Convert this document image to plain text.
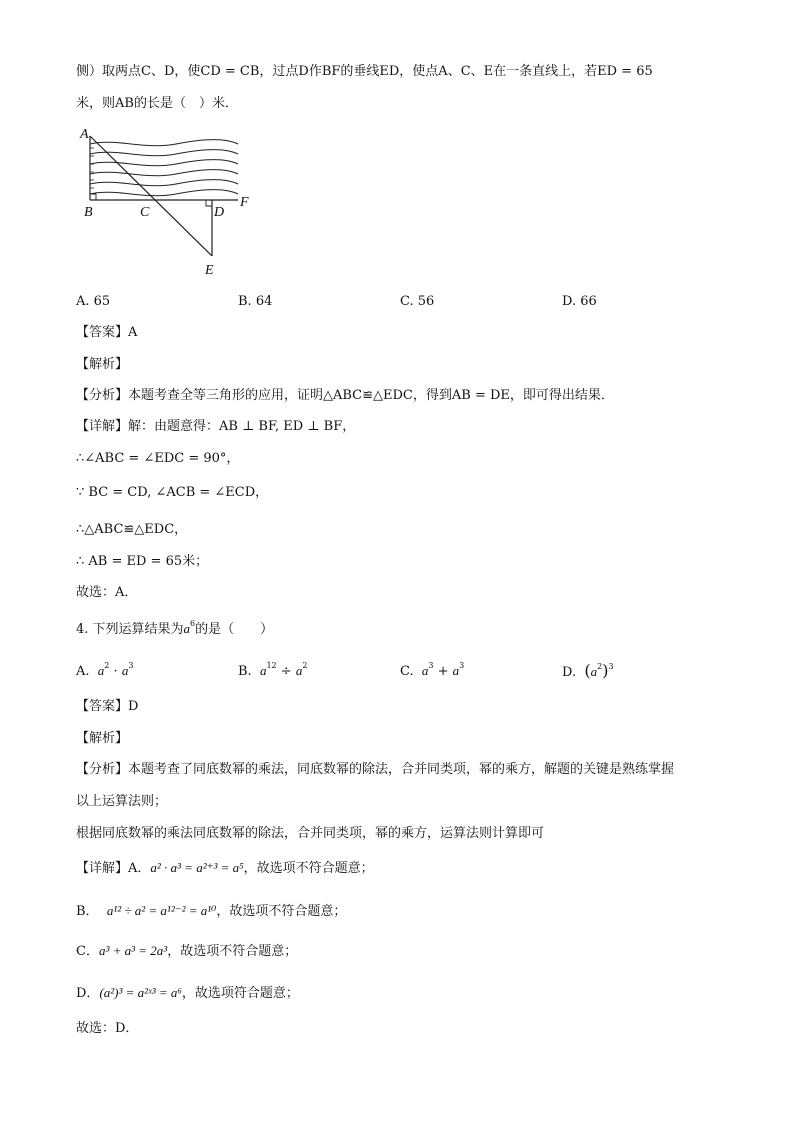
侧）取两点C、D，使CD = CB，过点D作BF的垂线ED，使点A、C、E在一条直线上，若ED = 65
米，则AB的长是（　）米．
A
B	C	D
F
E
A. 65	B. 64	C. 56	D. 66
【答案】A
【解析】
【分析】本题考查全等三角形的应用，证明△ABC≌△EDC，得到AB = DE，即可得出结果．
【详解】解：由题意得：AB ⊥ BF, ED ⊥ BF，
∴∠ABC = ∠EDC = 90°，
∵ BC = CD, ∠ACB = ∠ECD，
∴△ABC≌△EDC，
∴ AB = ED = 65米；
故选：A．
4. 下列运算结果为$a^6$的是（　　）
A. $a^2 \cdot a^3$	B. $a^{12} \div a^2$	C. $a^3 + a^3$	D. $(a^2)^3$
【答案】D
【解析】
【分析】本题考查了同底数幂的乘法，同底数幂的除法，合并同类项，幂的乘方，解题的关键是熟练掌握
以上运算法则；
根据同底数幂的乘法同底数幂的除法，合并同类项，幂的乘方，运算法则计算即可
【详解】A．a² · a³ = a²⁺³ = a⁵，故选项不符合题意；
B． a¹² ÷ a² = a¹²⁻² = a¹⁰，故选项不符合题意；
C．a³ + a³ = 2a³，故选项不符合题意；
D．(a²)³ = a²ˣ³ = a⁶，故选项符合题意；
故选：D．
